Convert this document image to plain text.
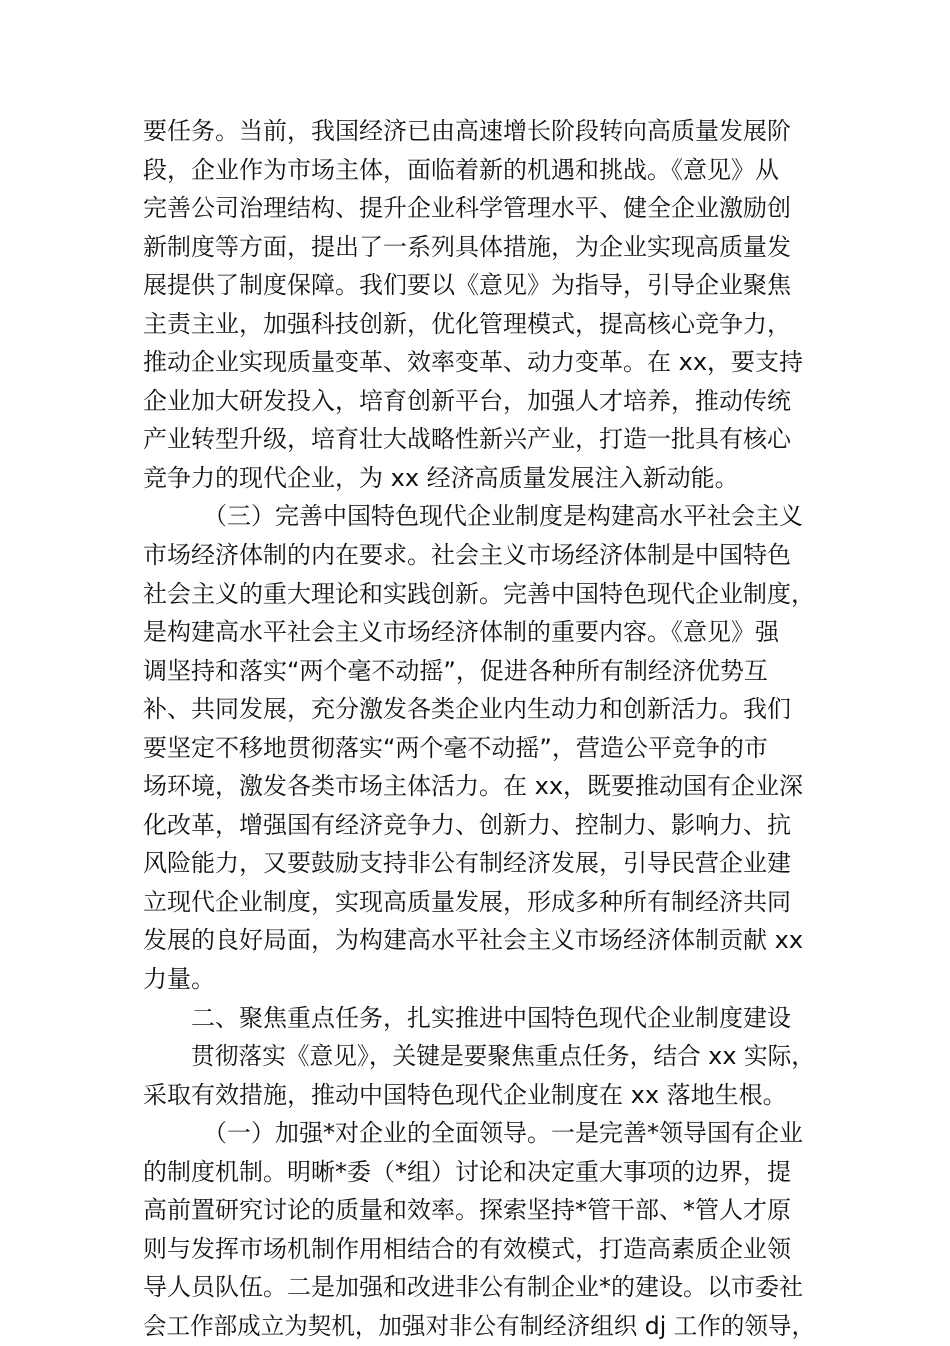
要任务。当前，我国经济已由高速增长阶段转向高质量发展阶
段，企业作为市场主体，面临着新的机遇和挑战。《意见》从
完善公司治理结构、提升企业科学管理水平、健全企业激励创
新制度等方面，提出了一系列具体措施，为企业实现高质量发
展提供了制度保障。我们要以《意见》为指导，引导企业聚焦
主责主业，加强科技创新，优化管理模式，提高核心竞争力，
推动企业实现质量变革、效率变革、动力变革。在 xx，要支持
企业加大研发投入，培育创新平台，加强人才培养，推动传统
产业转型升级，培育壮大战略性新兴产业，打造一批具有核心
竞争力的现代企业，为 xx 经济高质量发展注入新动能。
（三）完善中国特色现代企业制度是构建高水平社会主义
市场经济体制的内在要求。社会主义市场经济体制是中国特色
社会主义的重大理论和实践创新。完善中国特色现代企业制度，
是构建高水平社会主义市场经济体制的重要内容。《意见》强
调坚持和落实“两个毫不动摇”，促进各种所有制经济优势互
补、共同发展，充分激发各类企业内生动力和创新活力。我们
要坚定不移地贯彻落实“两个毫不动摇”，营造公平竞争的市
场环境，激发各类市场主体活力。在 xx，既要推动国有企业深
化改革，增强国有经济竞争力、创新力、控制力、影响力、抗
风险能力，又要鼓励支持非公有制经济发展，引导民营企业建
立现代企业制度，实现高质量发展，形成多种所有制经济共同
发展的良好局面，为构建高水平社会主义市场经济体制贡献 xx
力量。
二、聚焦重点任务，扎实推进中国特色现代企业制度建设
贯彻落实《意见》，关键是要聚焦重点任务，结合 xx 实际，
采取有效措施，推动中国特色现代企业制度在 xx 落地生根。
（一）加强*对企业的全面领导。一是完善*领导国有企业
的制度机制。明晰*委（*组）讨论和决定重大事项的边界，提
高前置研究讨论的质量和效率。探索坚持*管干部、*管人才原
则与发挥市场机制作用相结合的有效模式，打造高素质企业领
导人员队伍。二是加强和改进非公有制企业*的建设。以市委社
会工作部成立为契机，加强对非公有制经济组织 dj 工作的领导，
